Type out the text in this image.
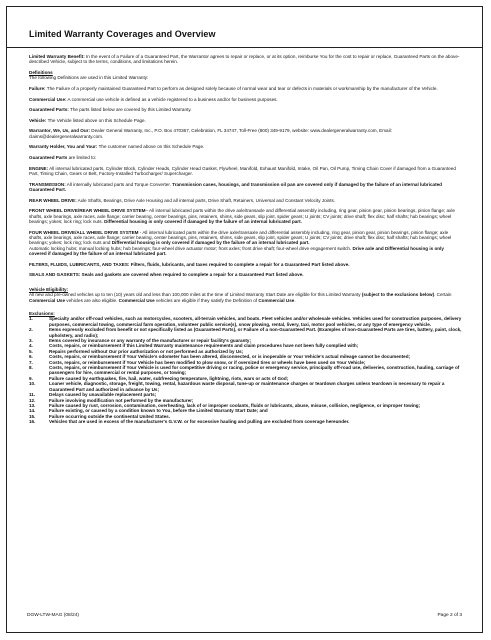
Limited Warranty Coverages and Overview

Limited Warranty Benefit: In the event of a Failure of a Guaranteed Part, the Warrantor agrees to repair or replace, or at its option, reimburse You for the cost to repair or replace, Guaranteed Parts on the above-described Vehicle, subject to the terms, conditions, and limitations herein.

Definitions

The following Definitions are used in this Limited Warranty:

Failure: The Failure of a properly maintained Guaranteed Part to perform as designed solely because of normal wear and tear or defects in materials or workmanship by the manufacturer of the Vehicle.

Commercial Use: A commercial use vehicle is defined as a vehicle registered to a business and/or for business purposes.

Guaranteed Parts: The parts listed below are covered by this Limited Warranty.

Vehicle: The Vehicle listed above on this Schedule Page.

Warrantor, We, Us, and Our: Dealer General Warranty, Inc., P.O. Box 470367, Celebration, FL 34747, Toll-Free (800) 349-9179, website: www.dealergeneralwarranty.com, Email: claims@dealergeneralwarranty.com.

Warranty Holder, You and Your: The customer named above on this Schedule Page.

Guaranteed Parts are limited to:

ENGINE: All internal lubricated parts, Cylinder Block, Cylinder Heads, Cylinder Head Gasket, Flywheel, Manifold, Exhaust Manifold, Intake, Oil Pan, Oil Pump, Timing Chain Cover if damaged from a Guaranteed Part, Timing Chain, Gears or Belt, Factory-Installed Turbocharger/ Supercharger.

TRANSMISSION: All internally lubricated parts and Torque Converter. Transmission cases, housings, and transmission oil pan are covered only if damaged by the failure of an internal lubricated Guaranteed Part.

REAR WHEEL DRIVE: Axle Shafts, Bearings, Drive Axle Housing and all internal parts, Drive Shaft, Retainers, Universal and Constant Velocity Joints.

FRONT WHEEL DRIVE/REAR WHEEL DRIVE SYSTEM– All internal lubricated parts within the drive axle/transaxle and differential assembly including, ring gear, pinion gear, pinion bearings, pinion flange; axle shafts, axle bearings, axle races, axle flange; carrier bearing, center bearings, pins, retainers, shims, side gears, slip joint, spider gears; U joints; CV joints; drive shaft; flex disc; half shafts; hub bearings; wheel bearings; yokes; lock ring; lock nuts. Differential housing is only covered if damaged by the failure of an internal lubricated part.

FOUR WHEEL DRIVE/ALL WHEEL DRIVE SYSTEM - All internal lubricated parts within the drive axle/transaxle and differential assembly including, ring gear, pinion gear, pinion bearings, pinion flange; axle shafts, axle bearings, axle races, axle flange; carrier bearing, center bearings, pins, retainers, shims, side gears, slip joint, spider gears; U joints; CV joints; drive shaft; flex disc; half shafts; hub bearings; wheel bearings; yokes; lock ring; lock nuts and Differential housing is only covered if damaged by the failure of an internal lubricated part.

Automatic locking hubs; manual locking hubs; hub bearings; four-wheel drive actuator motor; front axles; front drive shaft; four-wheel drive engagement switch. Drive axle and Differential housing is only covered if damaged by the failure of an internal lubricated part.

FILTERS, FLUIDS, LUBRICANTS, AND TAXES: Filters, fluids, lubricants, and taxes required to complete a repair for a Guaranteed Part listed above.

SEALS AND GASKETS: Seals and gaskets are covered when required to complete a repair for a Guaranteed Part listed above.

Vehicle Eligibility:

All new and pre-owned vehicles up to ten (10) years old and less than 100,000 miles at the time of Limited Warranty Start Date are eligible for this Limited Warranty (subject to the exclusions below). Certain Commercial Use vehicles are also eligible. Commercial Use vehicles are eligible if they satisfy the Definition of Commercial Use.

Exclusions:
1.	Specialty and/or off-road vehicles, such as motorcycles, scooters, all-terrain vehicles, and boats. Fleet vehicles and/or wholesale vehicles. Vehicles used for construction purposes, delivery purposes, commercial towing, commercial farm operation, volunteer public service(s), snow plowing, rental, livery, taxi, motor pool vehicles, or any type of emergency vehicle.
2.	Items expressly excluded from benefit or not specifically listed as (Guaranteed Parts), or Failure of a non-Guaranteed Part. (Examples of non-Guaranteed Parts are tires, battery, paint, clock, upholstery, and radio);
3.	Items covered by insurance or any warranty of the manufacturer or repair facility's guaranty;
4.	Costs, repairs, or reimbursement if this Limited Warranty maintenance requirements and claim procedures have not been fully complied with;
5.	Repairs performed without Our prior authorization or not performed as authorized by Us;
6.	Costs, repairs, or reimbursement if Your Vehicle's odometer has been altered, disconnected, or is inoperable or Your Vehicle's actual mileage cannot be documented;
7.	Costs, repairs, or reimbursement if Your Vehicle has been modified to plow snow, or if oversized tires or wheels have been used on Your Vehicle;
8.	Costs, repairs, or reimbursement if Your Vehicle is used for competitive driving or racing, police or emergency service, principally off-road use, deliveries, construction, hauling, carriage of passengers for hire, commercial or rental purposes, or towing;
9.	Failure caused by earthquakes, fire, hail, water, subfreezing temperature, lightning, riots, wars or acts of God;
10.	Loaner vehicle, diagnostic, storage, freight, towing, rental, hazardous waste disposal, tune-up or maintenance charges or teardown charges unless teardown is necessary to repair a Guaranteed Part and authorized in advance by Us;
11.	Delays caused by unavailable replacement parts;
12.	Failure involving modification not performed by the manufacturer;
13.	Failure caused by rust, corrosion, contamination, overheating, lack of or improper coolants, fluids or lubricants, abuse, misuse, collision, negligence, or improper towing;
14.	Failure existing, or caused by a condition known to You, before the Limited Warranty Start Date; and
15.	Failure occurring outside the continental United States.
16.	Vehicles that are used in excess of the manufacturer's G.V.W. or for excessive hauling and pulling are excluded from coverage hereunder.
DGW-LTW-MAG (08/24)	Page 2 of 3
